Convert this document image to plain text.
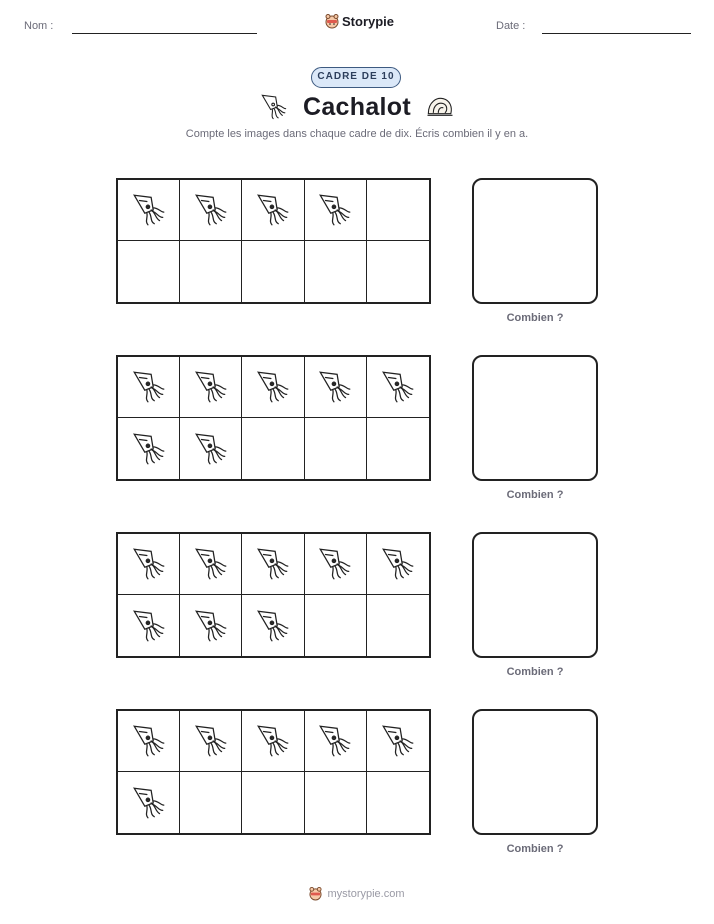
Nom :	Storypie	Date :
CADRE DE 10
Cachalot
Compte les images dans chaque cadre de dix. Écris combien il y en a.
Combien ?
Combien ?
Combien ?
Combien ?
mystorypie.com
